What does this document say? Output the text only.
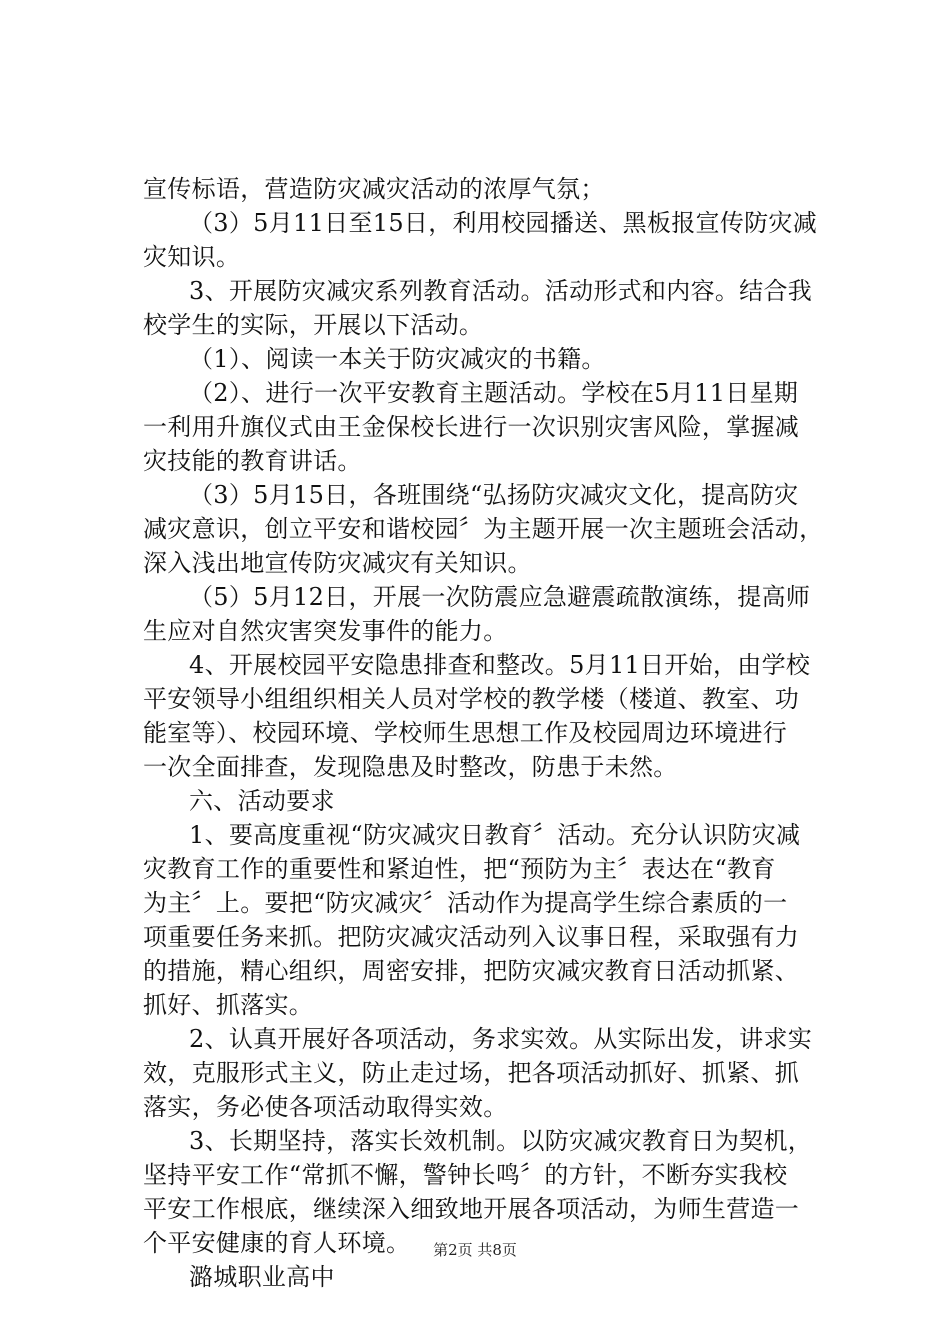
宣传标语，营造防灾减灾活动的浓厚气氛；
（3）5月11日至15日，利用校园播送、黑板报宣传防灾减
灾知识。
3、开展防灾减灾系列教育活动。活动形式和内容。结合我
校学生的实际，开展以下活动。
（1）、阅读一本关于防灾减灾的书籍。
（2）、进行一次平安教育主题活动。学校在5月11日星期
一利用升旗仪式由王金保校长进行一次识别灾害风险，掌握减
灾技能的教育讲话。
（3）5月15日，各班围绕“弘扬防灾减灾文化，提高防灾
减灾意识，创立平安和谐校园〞为主题开展一次主题班会活动，
深入浅出地宣传防灾减灾有关知识。
（5）5月12日，开展一次防震应急避震疏散演练，提高师
生应对自然灾害突发事件的能力。
4、开展校园平安隐患排查和整改。5月11日开始，由学校
平安领导小组组织相关人员对学校的教学楼（楼道、教室、功
能室等）、校园环境、学校师生思想工作及校园周边环境进行
一次全面排查，发现隐患及时整改，防患于未然。
六、活动要求
1、要高度重视“防灾减灾日教育〞活动。充分认识防灾减
灾教育工作的重要性和紧迫性，把“预防为主〞表达在“教育
为主〞上。要把“防灾减灾〞活动作为提高学生综合素质的一
项重要任务来抓。把防灾减灾活动列入议事日程，采取强有力
的措施，精心组织，周密安排，把防灾减灾教育日活动抓紧、
抓好、抓落实。
2、认真开展好各项活动，务求实效。从实际出发，讲求实
效，克服形式主义，防止走过场，把各项活动抓好、抓紧、抓
落实，务必使各项活动取得实效。
3、长期坚持，落实长效机制。以防灾减灾教育日为契机，
坚持平安工作“常抓不懈，警钟长鸣〞的方针，不断夯实我校
平安工作根底，继续深入细致地开展各项活动，为师生营造一
个平安健康的育人环境。
潞城职业高中
第2页 共8页
